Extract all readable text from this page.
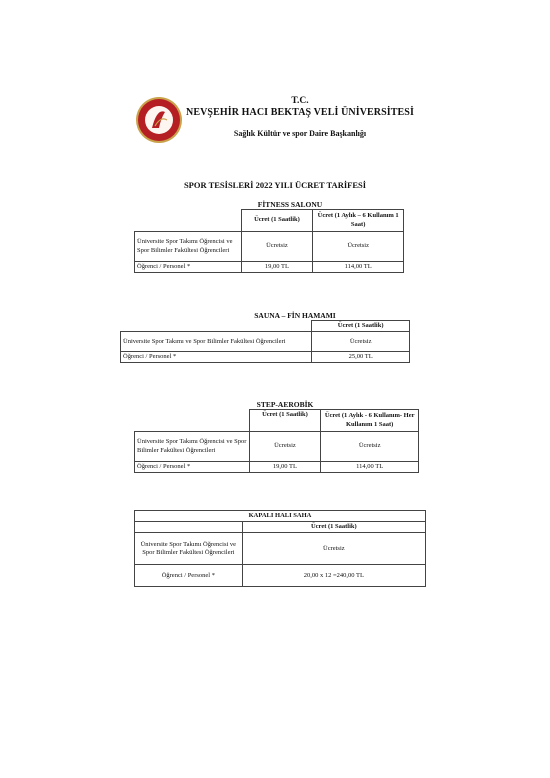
T.C.
NEVŞEHİR HACI BEKTAŞ VELİ ÜNİVERSİTESİ
Sağlık Kültür ve spor Daire Başkanlığı
SPOR TESİSLERİ 2022 YILI ÜCRET TARİFESİ
FİTNESS SALONU
	Ücret (1 Saatlik)	Ücret (1 Aylık – 6 Kullanım 1 Saat)
Üniversite Spor Takımı Öğrencisi ve Spor Bilimler Fakültesi Öğrencileri	Ücretsiz	Ücretsiz
Öğrenci / Personel *	19,00 TL	114,00 TL
SAUNA – FİN HAMAMI
	Ücret (1 Saatlik)
Üniversite Spor Takımı ve Spor Bilimler Fakültesi Öğrencileri	Ücretsiz
Öğrenci / Personel *	25,00 TL
STEP-AEROBİK
	Ücret (1 Saatlik)	Ücret (1 Aylık - 6 Kullanım- Her Kullanım 1 Saat)
Üniversite Spor Takımı Öğrencisi ve Spor Bilimler Fakültesi Öğrencileri	Ücretsiz	Ücretsiz
Öğrenci / Personel *	19,00 TL	114,00 TL
KAPALI HALI SAHA	
	Ücret (1 Saatlik)
Üniversite Spor Takımı Öğrencisi ve Spor Bilimler Fakültesi Öğrencileri	Ücretsiz
Öğrenci / Personel *	20,00 x 12 =240,00 TL
